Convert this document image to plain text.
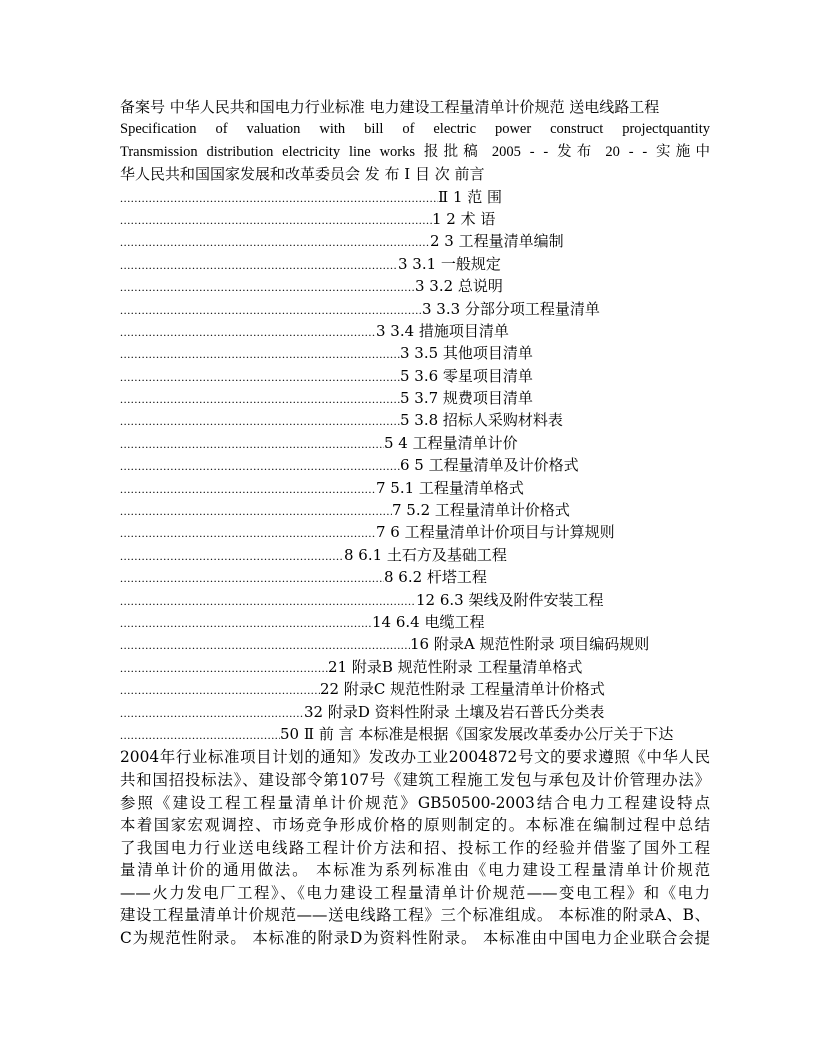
备案号 中华人民共和国电力行业标准 电力建设工程量清单计价规范 送电线路工程
Specification of valuation with bill of electric power construct projectquantity
Transmission distribution electricity line works 报批稿 2005 - - 发布 20 - - 实施中
华人民共和国国家发展和改革委员会 发 布 I 目 次 前言
.....
Ⅱ 1 范 围
.....
1 2 术 语
.....
2 3 工程量清单编制
.....
3 3.1 一般规定
.....
3 3.2 总说明
.....
3 3.3 分部分项工程量清单
.....
3 3.4 措施项目清单
.....
3 3.5 其他项目清单
.....
5 3.6 零星项目清单
.....
5 3.7 规费项目清单
.....
5 3.8 招标人采购材料表
.....
5 4 工程量清单计价
.....
6 5 工程量清单及计价格式
.....
7 5.1 工程量清单格式
.....
7 5.2 工程量清单计价格式
.....
7 6 工程量清单计价项目与计算规则
.....
8 6.1 土石方及基础工程
.....
8 6.2 杆塔工程
.....
12 6.3 架线及附件安装工程
.....
14 6.4 电缆工程
.....
16 附录A 规范性附录 项目编码规则
.....
21 附录B 规范性附录 工程量清单格式
.....
22 附录C 规范性附录 工程量清单计价格式
.....
32 附录D 资料性附录 土壤及岩石普氏分类表
.....
50 Ⅱ 前 言 本标准是根据《国家发展改革委办公厅关于下达
2004年行业标准项目计划的通知》发改办工业2004872号文的要求遵照《中华人民
共和国招投标法》、建设部令第107号《建筑工程施工发包与承包及计价管理办法》
参照《建设工程工程量清单计价规范》GB50500-2003结合电力工程建设特点
本着国家宏观调控、市场竞争形成价格的原则制定的。本标准在编制过程中总结
了我国电力行业送电线路工程计价方法和招、投标工作的经验并借鉴了国外工程
量清单计价的通用做法。 本标准为系列标准由《电力建设工程量清单计价规范
——火力发电厂工程》、《电力建设工程量清单计价规范——变电工程》和《电力
建设工程量清单计价规范——送电线路工程》三个标准组成。 本标准的附录A、B、
C为规范性附录。 本标准的附录D为资料性附录。 本标准由中国电力企业联合会提
